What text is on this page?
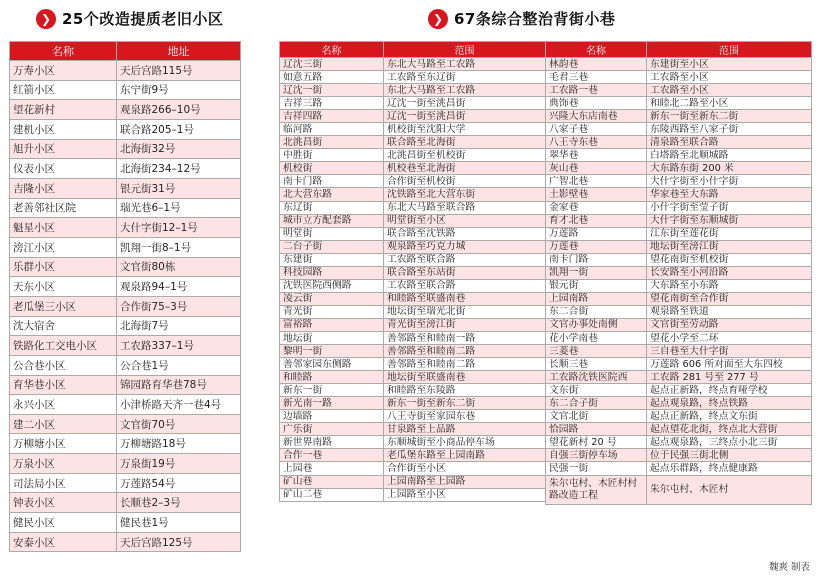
❯ 25个改造提质老旧小区	❯ 67条综合整治背街小巷
名称	地址
万寿小区	天后宫路115号
红箭小区	东宁街9号
望花新村	观泉路266–10号
建机小区	联合路205–1号
旭升小区	北海街32号
仪表小区	北海街234–12号
吉隆小区	银元街31号
老善邻社区院	瑞光巷6–1号
魁星小区	大什字街12–1号
滂江小区	凯翔一街8–1号
乐群小区	文官街80栋
天东小区	观泉路94–1号
老瓜堡三小区	合作街75–3号
沈大宿舍	北海街7号
铁路化工交电小区	工农路337–1号
公合巷小区	公合巷1号
育华巷小区	锦园路育华巷78号
永兴小区	小津桥路天齐一巷4号
建二小区	文官街70号
万柳塘小区	万柳塘路18号
万泉小区	万泉街19号
司法局小区	万莲路54号
钟表小区	长顺巷2–3号
健民小区	健民巷1号
安泰小区	天后宫路125号
名称	范围
辽沈三街	东北大马路至工农路
如意五路	工农路至东辽街
辽沈一街	东北大马路至工农路
吉祥三路	辽沈一街至洮昌街
吉祥四路	辽沈一街至洮昌街
临河路	机校街至沈阳大学
北洮昌街	联合路至北海街
中胜街	北洮昌街至机校街
机校街	机校巷至北海街
南卡门路	合作街至机校街
北大营东路	沈铁路至北大营东街
东辽街	东北大马路至联合路
城市立方配套路	明堂街至小区
明堂街	联合路至沈铁路
二台子街	观泉路至巧克力城
东建街	工农路至联合路
科技园路	联合路至东站街
沈铁医院西侧路	工农路至联合路
凌云街	和睦路至联盛南巷
青光街	地坛街至瑞光北街
富裕路	青光街至滂江街
地坛街	善邻路至和睦南一路
黎明一街	善邻路至和睦南二路
善邻家园东侧路	善邻路至和睦南二路
和睦路	地坛街至联盛南巷
新东一街	和睦路至东陵路
新光南一路	新东一街至新东二街
边墙路	八王寺街至家园东巷
广乐街	甘泉路至上品路
新世界南路	东顺城街至小商品停车场
合作一巷	老瓜堡东路至上园南路
上园巷	合作街至小区
矿山巷	上园南路至上园路
矿山二巷	上园路至小区
名称	范围
林韵巷	东建街至小区
毛君三巷	工农路至小区
工农路一巷	工农路至小区
典饰巷	和睦北二路至小区
兴隆大东店南巷	新东一街至新东二街
八家子巷	东陵西路至八家子街
八王寺东巷	清泉路至联合路
翠华巷	白塔路至北顺城路
灰山巷	大东路东街 200 米
广智北巷	大什字街至小什字街
土影壁巷	华家巷至大东路
金家巷	小什字街至莹子街
育才北巷	大什字街至东顺城街
万莲路	江东街至莲花街
万莲巷	地坛街至滂江街
南卡门路	望花南街至机校街
凯翔一街	长安路至小河沿路
银元街	大东路至小东路
上园南路	望花南街至合作街
东二合街	观泉路至铁道
文官办事处南侧	文官街至劳动路
花小学南巷	望花小学至二环
三菱巷	三自巷至大什字街
长顺三巷	万莲路 606 所对面至大东四校
工农路沈铁医院西	工农路 281 号至 277 号
文东街	起点正新路，终点育哑学校
东二合子街	起点观泉路，终点铁路
文官北街	起点正新路，终点文东街
恰园路	起点望花北街，终点北大营街
望花新村 20 号	起点观泉路，三终点小北三街
自强三街停车场	位于民强三街北侧
民强一街	起点乐群路，终点健康路
朱尔屯村、木匠村村路改造工程	朱尔屯村、木匠村
魏爽 制表
